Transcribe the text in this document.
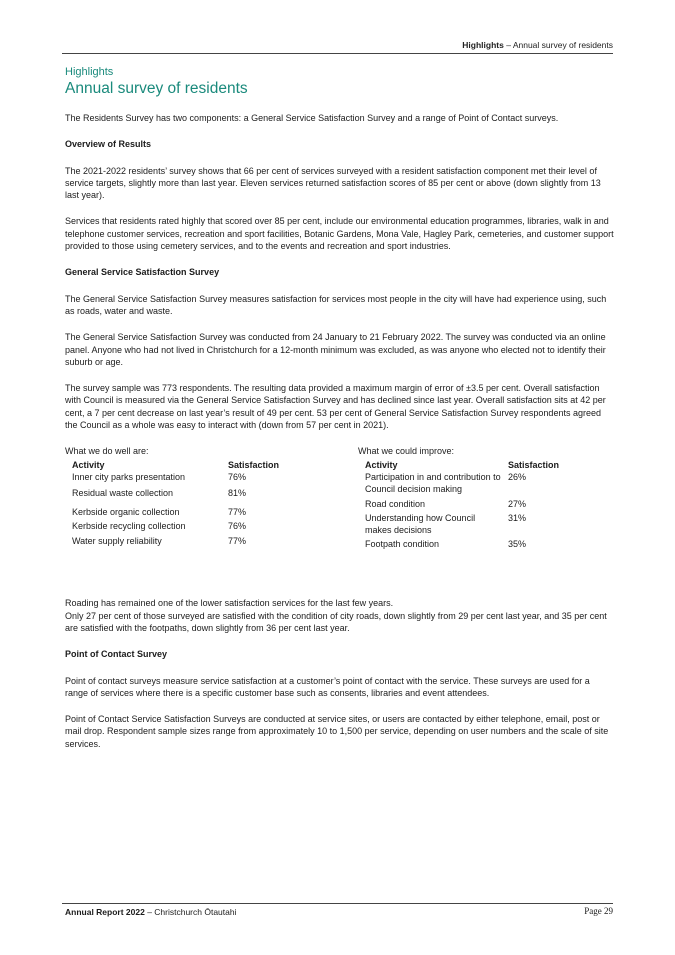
Highlights – Annual survey of residents
Highlights
Annual survey of residents

The Residents Survey has two components: a General Service Satisfaction Survey and a range of Point of Contact surveys.

Overview of Results

The 2021-2022 residents’ survey shows that 66 per cent of services surveyed with a resident satisfaction component met their level of service targets, slightly more than last year. Eleven services returned satisfaction scores of 85 per cent or above (down slightly from 13 last year).

Services that residents rated highly that scored over 85 per cent, include our environmental education programmes, libraries, walk in and telephone customer services, recreation and sport facilities, Botanic Gardens, Mona Vale, Hagley Park, cemeteries, and customer support provided to those using cemetery services, and to the events and recreation and sport industries.

General Service Satisfaction Survey

The General Service Satisfaction Survey measures satisfaction for services most people in the city will have had experience using, such as roads, water and waste.

The General Service Satisfaction Survey was conducted from 24 January to 21 February 2022. The survey was conducted via an online panel. Anyone who had not lived in Christchurch for a 12-month minimum was excluded, as was anyone who elected not to identify their suburb or age.

The survey sample was 773 respondents. The resulting data provided a maximum margin of error of ±3.5 per cent. Overall satisfaction with Council is measured via the General Service Satisfaction Survey and has declined since last year. Overall satisfaction sits at 42 per cent, a 7 per cent decrease on last year’s result of 49 per cent. 53 per cent of General Service Satisfaction Survey respondents agreed the Council as a whole was easy to interact with (down from 57 per cent in 2021).

What we do well are:
Activity	Satisfaction
Inner city parks presentation	76%
Residual waste collection	81%
Kerbside organic collection	77%
Kerbside recycling collection	76%
Water supply reliability	77%
What we could improve:
Activity	Satisfaction
Participation in and contribution to Council decision making	26%
Road condition	27%
Understanding how Council makes decisions	31%
Footpath condition	35%

Roading has remained one of the lower satisfaction services for the last few years.
Only 27 per cent of those surveyed are satisfied with the condition of city roads, down slightly from 29 per cent last year, and 35 per cent are satisfied with the footpaths, down slightly from 36 per cent last year.

Point of Contact Survey

Point of contact surveys measure service satisfaction at a customer’s point of contact with the service. These surveys are used for a range of services where there is a specific customer base such as consents, libraries and event attendees.

Point of Contact Service Satisfaction Surveys are conducted at service sites, or users are contacted by either telephone, email, post or mail drop. Respondent sample sizes range from approximately 10 to 1,500 per service, depending on user numbers and the scale of site services.

Annual Report 2022 – Christchurch Ōtautahi	Page 29
